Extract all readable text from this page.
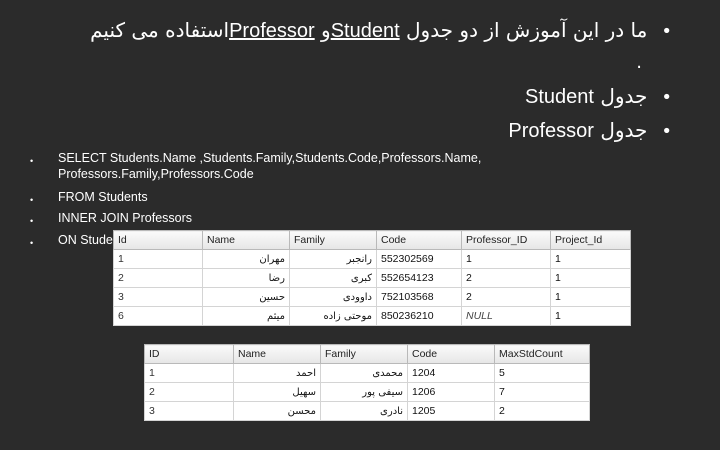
•ما در این آموزش از دو جدول Studentو Professorاستفاده می کنیم
.
•جدول Student
•جدول Professor
• SELECT Students.Name ,Students.Family,Students.Code,Professors.Name,
Professors.Family,Professors.Code
• FROM Students
• INNER JOIN Professors
• ON Stude Id	Name	Family	Code	Professor_ID	Project_Id
1	مهران	رانجبر	552302569	1	1
2	رضا	کبری	552654123	2	1
3	حسین	داوودی	752103568	2	1
6	میثم	موحتی زاده	850236210	NULL	1
ID	Name	Family	Code	MaxStdCount
1	احمد	محمدی	1204	5
2	سهیل	سیفی پور	1206	7
3	محسن	نادری	1205	2
